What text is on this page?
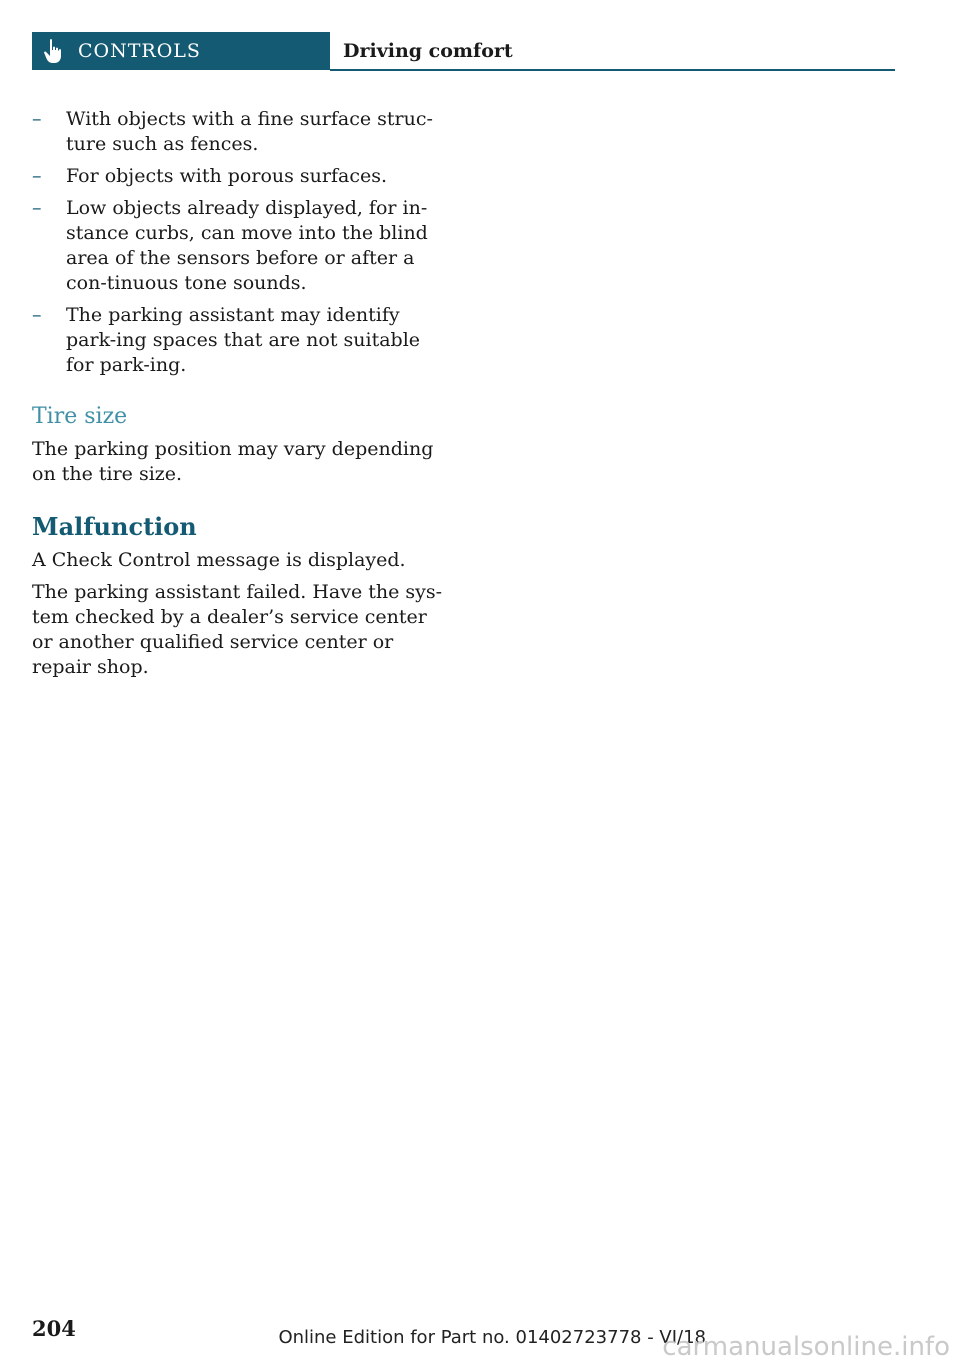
CONTROLS	Driving comfort
– With objects with a fine surface struc-ture such as fences.
– For objects with porous surfaces.
– Low objects already displayed, for in-stance curbs, can move into the blind area of the sensors before or after a con-tinuous tone sounds.
– The parking assistant may identify park-ing spaces that are not suitable for park-ing.
Tire size

The parking position may vary depending on the tire size.

Malfunction

A Check Control message is displayed.

The parking assistant failed. Have the sys-tem checked by a dealer’s service center or another qualified service center or repair shop.

204	Online Edition for Part no. 01402723778 - VI/18
carmanualsonline.info
